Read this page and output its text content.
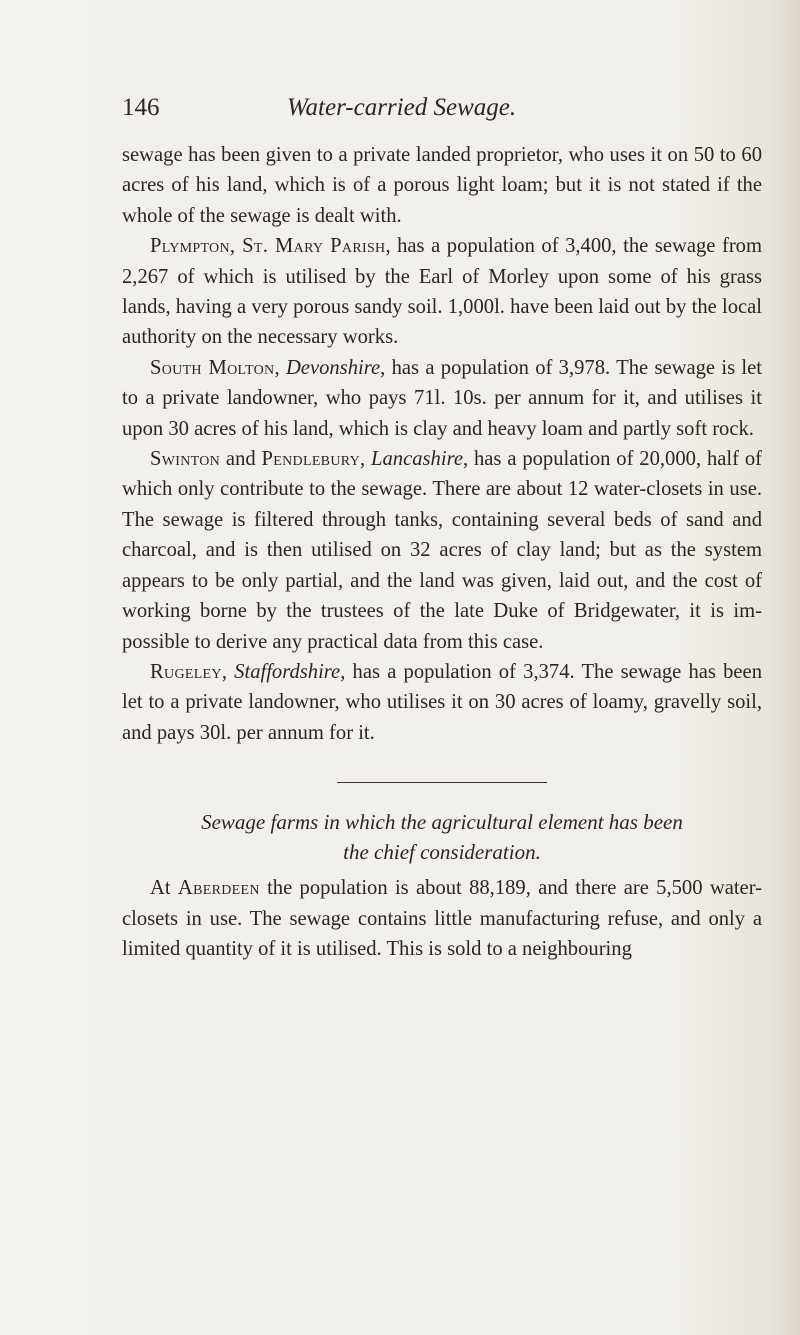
146	Water-carried Sewage.

sewage has been given to a private landed proprietor, who uses it on 50 to 60 acres of his land, which is of a porous light loam; but it is not stated if the whole of the sewage is dealt with.

Plympton, St. Mary Parish, has a population of 3,400, the sewage from 2,267 of which is utilised by the Earl of Morley upon some of his grass lands, having a very porous sandy soil. 1,000l. have been laid out by the local authority on the necessary works.

South Molton, Devonshire, has a population of 3,978. The sewage is let to a private landowner, who pays 71l. 10s. per annum for it, and utilises it upon 30 acres of his land, which is clay and heavy loam and partly soft rock.

Swinton and Pendlebury, Lancashire, has a population of 20,000, half of which only contribute to the sewage. There are about 12 water-closets in use. The sewage is filtered through tanks, containing several beds of sand and charcoal, and is then utilised on 32 acres of clay land; but as the system appears to be only partial, and the land was given, laid out, and the cost of working borne by the trustees of the late Duke of Bridgewater, it is impossible to derive any practical data from this case.

Rugeley, Staffordshire, has a population of 3,374. The sewage has been let to a private landowner, who utilises it on 30 acres of loamy, gravelly soil, and pays 30l. per annum for it.

Sewage farms in which the agricultural element has been
the chief consideration.

At Aberdeen the population is about 88,189, and there are 5,500 water-closets in use. The sewage contains little manufacturing refuse, and only a limited quantity of it is utilised. This is sold to a neighbouring
